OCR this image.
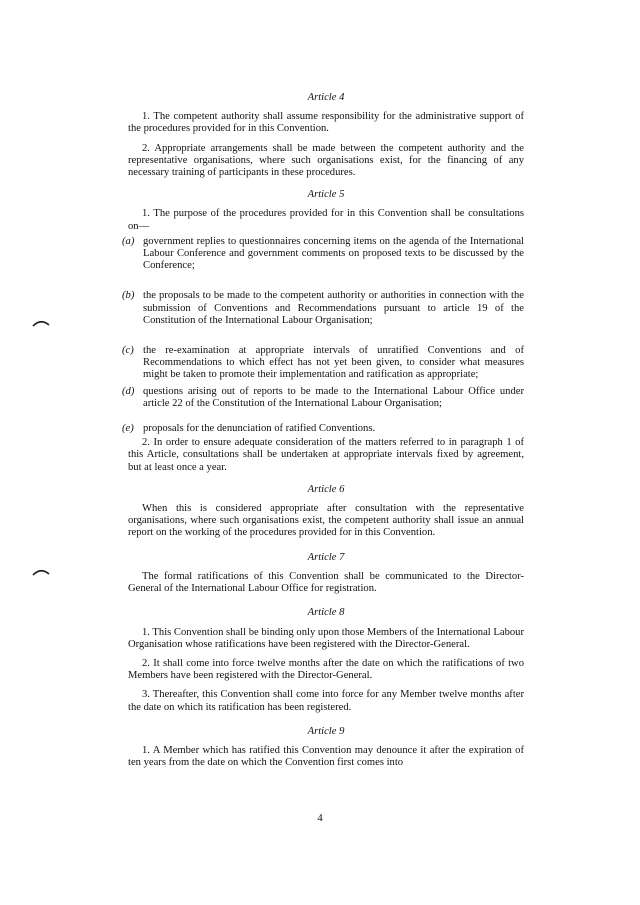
Article 4

1. The competent authority shall assume responsibility for the administrative support of the procedures provided for in this Convention.

2. Appropriate arrangements shall be made between the competent authority and the representative organisations, where such organisations exist, for the financing of any necessary training of participants in these procedures.

Article 5

1. The purpose of the procedures provided for in this Convention shall be consultations on—

(a) government replies to questionnaires concerning items on the agenda of the International Labour Conference and government comments on proposed texts to be discussed by the Conference;
(b) the proposals to be made to the competent authority or authorities in connection with the submission of Conventions and Recommendations pursuant to article 19 of the Constitution of the International Labour Organisation;
(c) the re-examination at appropriate intervals of unratified Conventions and of Recommendations to which effect has not yet been given, to consider what measures might be taken to promote their implementation and ratification as appropriate;
(d) questions arising out of reports to be made to the International Labour Office under article 22 of the Constitution of the International Labour Organisation;
(e) proposals for the denunciation of ratified Conventions.

2. In order to ensure adequate consideration of the matters referred to in paragraph 1 of this Article, consultations shall be undertaken at appropriate intervals fixed by agreement, but at least once a year.

Article 6

When this is considered appropriate after consultation with the representative organisations, where such organisations exist, the competent authority shall issue an annual report on the working of the procedures provided for in this Convention.

Article 7

The formal ratifications of this Convention shall be communicated to the Director-General of the International Labour Office for registration.

Article 8

1. This Convention shall be binding only upon those Members of the International Labour Organisation whose ratifications have been registered with the Director-General.

2. It shall come into force twelve months after the date on which the ratifications of two Members have been registered with the Director-General.

3. Thereafter, this Convention shall come into force for any Member twelve months after the date on which its ratification has been registered.

Article 9

1. A Member which has ratified this Convention may denounce it after the expiration of ten years from the date on which the Convention first comes into

4
